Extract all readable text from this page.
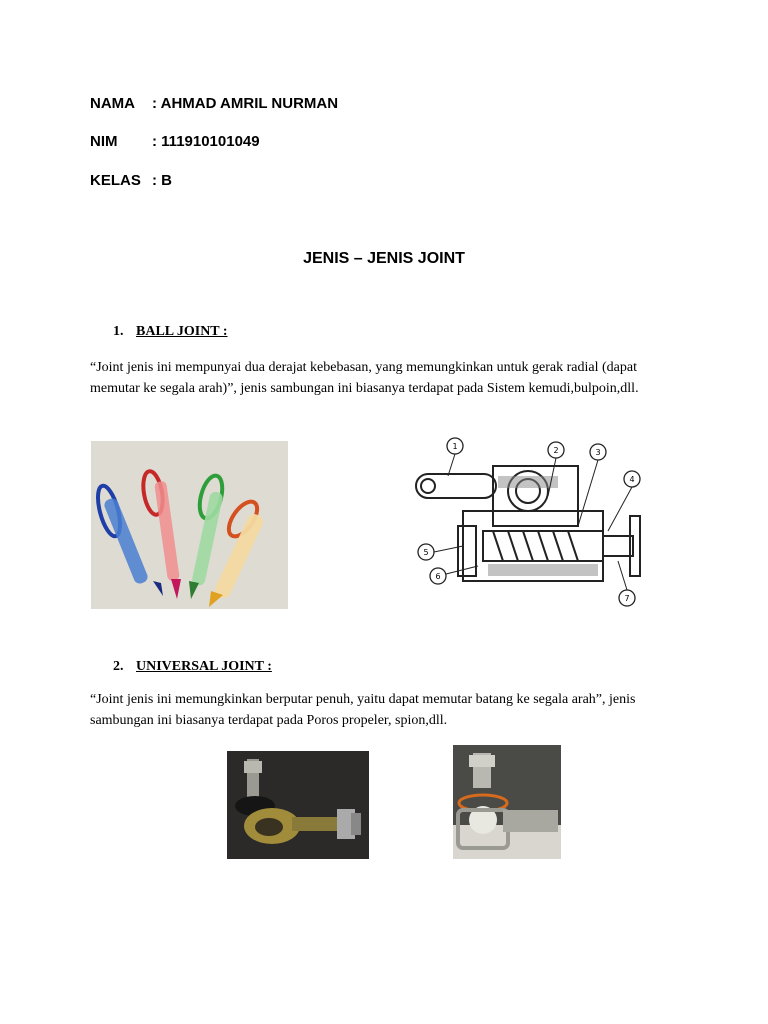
NAMA : AHMAD AMRIL NURMAN
NIM : 111910101049
KELAS : B
JENIS – JENIS JOINT
1. BALL JOINT :

“Joint jenis ini mempunyai dua derajat kebebasan, yang memungkinkan untuk gerak radial (dapat memutar ke segala arah)”, jenis sambungan ini biasanya terdapat pada Sistem kemudi,bulpoin,dll.

1	2	3
4
5
6
7
2. UNIVERSAL JOINT :

“Joint jenis ini memungkinkan berputar penuh, yaitu dapat memutar batang ke segala arah”, jenis sambungan ini biasanya terdapat pada Poros propeler, spion,dll.
